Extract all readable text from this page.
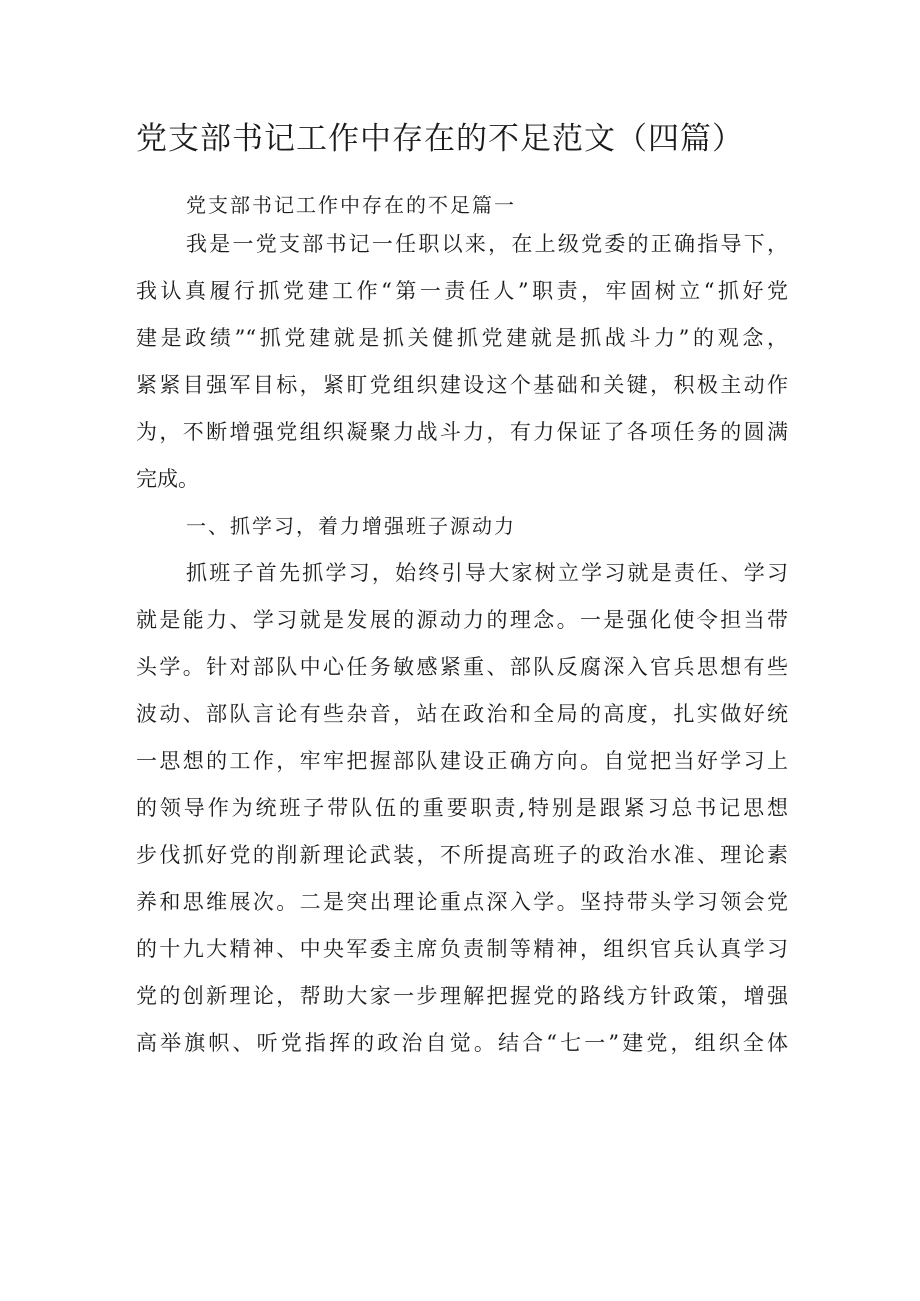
党支部书记工作中存在的不足范文（四篇）

党支部书记工作中存在的不足篇一

我是一党支部书记一任职以来，在上级党委的正确指导下，

我认真履行抓党建工作“第一责任人”职责，牢固树立“抓好党

建是政绩”“抓党建就是抓关健抓党建就是抓战斗力”的观念，

紧紧目强军目标，紧盯党组织建设这个基础和关键，积极主动作

为，不断增强党组织凝聚力战斗力，有力保证了各项任务的圆满

完成。

一、抓学习，着力增强班子源动力

抓班子首先抓学习，始终引导大家树立学习就是责任、学习

就是能力、学习就是发展的源动力的理念。一是强化使令担当带

头学。针对部队中心任务敏感紧重、部队反腐深入官兵思想有些

波动、部队言论有些杂音，站在政治和全局的高度，扎实做好统

一思想的工作，牢牢把握部队建设正确方向。自觉把当好学习上

的领导作为统班子带队伍的重要职责,特别是跟紧习总书记思想

步伐抓好党的削新理论武装，不所提高班子的政治水准、理论素

养和思维展次。二是突出理论重点深入学。坚持带头学习领会党

的十九大精神、中央军委主席负责制等精神，组织官兵认真学习

党的创新理论，帮助大家一步理解把握党的路线方针政策，增强

高举旗帜、听党指挥的政治自觉。结合“七一”建党，组织全体
